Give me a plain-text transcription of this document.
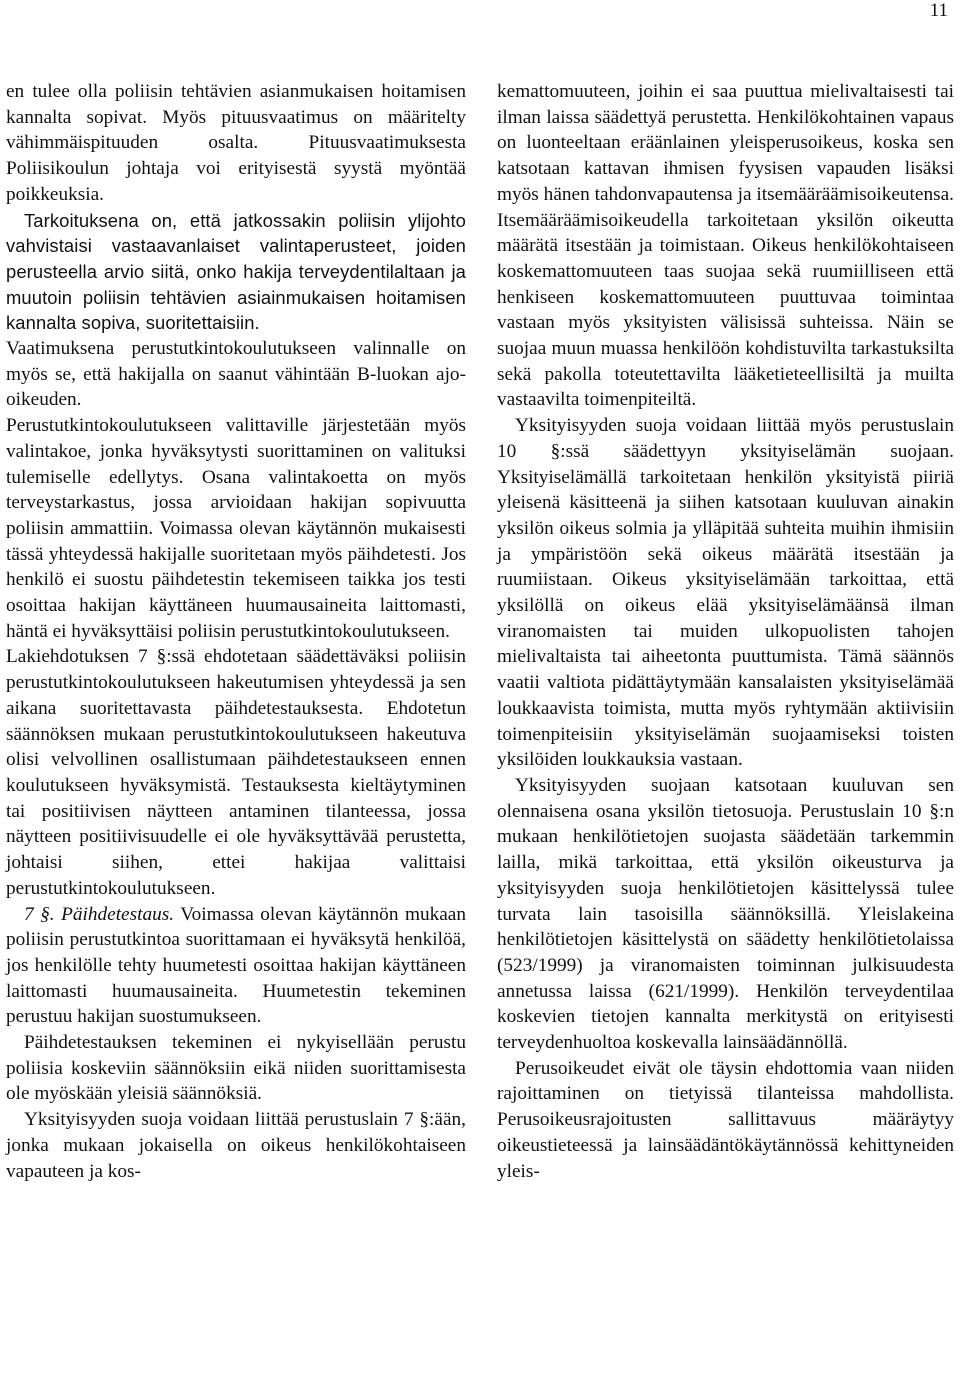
11

en tulee olla poliisin tehtävien asianmukaisen hoitamisen kannalta sopivat. Myös pituusvaatimus on määritelty vähimmäispituuden osalta. Pituusvaatimuksesta Poliisikoulun johtaja voi erityisestä syystä myöntää poikkeuksia.

Tarkoituksena on, että jatkossakin poliisin ylijohto vahvistaisi vastaavanlaiset valintaperusteet, joiden perusteella arvio siitä, onko hakija terveydentilaltaan ja muutoin poliisin tehtävien asiainmukaisen hoitamisen kannalta sopiva, suoritettaisiin.

Vaatimuksena perustutkintokoulutukseen valinnalle on myös se, että hakijalla on saanut vähintään B-luokan ajo-oikeuden.

Perustutkintokoulutukseen valittaville järjestetään myös valintakoe, jonka hyväksytysti suorittaminen on valituksi tulemiselle edellytys. Osana valintakoetta on myös terveystarkastus, jossa arvioidaan hakijan sopivuutta poliisin ammattiin. Voimassa olevan käytännön mukaisesti tässä yhteydessä hakijalle suoritetaan myös päihdetesti. Jos henkilö ei suostu päihdetestin tekemiseen taikka jos testi osoittaa hakijan käyttäneen huumausaineita laittomasti, häntä ei hyväksyttäisi poliisin perustutkintokoulutukseen.

Lakiehdotuksen 7 §:ssä ehdotetaan säädettäväksi poliisin perustutkintokoulutukseen hakeutumisen yhteydessä ja sen aikana suoritettavasta päihdetestauksesta. Ehdotetun säännöksen mukaan perustutkintokoulutukseen hakeutuva olisi velvollinen osallistumaan päihdetestaukseen ennen koulutukseen hyväksymistä. Testauksesta kieltäytyminen tai positiivisen näytteen antaminen tilanteessa, jossa näytteen positiivisuudelle ei ole hyväksyttävää perustetta, johtaisi siihen, ettei hakijaa valittaisi perustutkintokoulutukseen.

7 §. Päihdetestaus. Voimassa olevan käytännön mukaan poliisin perustutkintoa suorittamaan ei hyväksytä henkilöä, jos henkilölle tehty huumetesti osoittaa hakijan käyttäneen laittomasti huumausaineita. Huumetestin tekeminen perustuu hakijan suostumukseen.

Päihdetestauksen tekeminen ei nykyisellään perustu poliisia koskeviin säännöksiin eikä niiden suorittamisesta ole myöskään yleisiä säännöksiä.

Yksityisyyden suoja voidaan liittää perustuslain 7 §:ään, jonka mukaan jokaisella on oikeus henkilökohtaiseen vapauteen ja kos-

kemattomuuteen, joihin ei saa puuttua mielivaltaisesti tai ilman laissa säädettyä perustetta. Henkilökohtainen vapaus on luonteeltaan eräänlainen yleisperusoikeus, koska sen katsotaan kattavan ihmisen fyysisen vapauden lisäksi myös hänen tahdonvapautensa ja itsemääräämisoikeutensa. Itsemääräämisoikeudella tarkoitetaan yksilön oikeutta määrätä itsestään ja toimistaan. Oikeus henkilökohtaiseen koskemattomuuteen taas suojaa sekä ruumiilliseen että henkiseen koskemattomuuteen puuttuvaa toimintaa vastaan myös yksityisten välisissä suhteissa. Näin se suojaa muun muassa henkilöön kohdistuvilta tarkastuksilta sekä pakolla toteutettavilta lääketieteellisiltä ja muilta vastaavilta toimenpiteiltä.

Yksityisyyden suoja voidaan liittää myös perustuslain 10 §:ssä säädettyyn yksityiselämän suojaan. Yksityiselämällä tarkoitetaan henkilön yksityistä piiriä yleisenä käsitteenä ja siihen katsotaan kuuluvan ainakin yksilön oikeus solmia ja ylläpitää suhteita muihin ihmisiin ja ympäristöön sekä oikeus määrätä itsestään ja ruumiistaan. Oikeus yksityiselämään tarkoittaa, että yksilöllä on oikeus elää yksityiselämäänsä ilman viranomaisten tai muiden ulkopuolisten tahojen mielivaltaista tai aiheetonta puuttumista. Tämä säännös vaatii valtiota pidättäytymään kansalaisten yksityiselämää loukkaavista toimista, mutta myös ryhtymään aktiivisiin toimenpiteisiin yksityiselämän suojaamiseksi toisten yksilöiden loukkauksia vastaan.

Yksityisyyden suojaan katsotaan kuuluvan sen olennaisena osana yksilön tietosuoja. Perustuslain 10 §:n mukaan henkilötietojen suojasta säädetään tarkemmin lailla, mikä tarkoittaa, että yksilön oikeusturva ja yksityisyyden suoja henkilötietojen käsittelyssä tulee turvata lain tasoisilla säännöksillä. Yleislakeina henkilötietojen käsittelystä on säädetty henkilötietolaissa (523/1999) ja viranomaisten toiminnan julkisuudesta annetussa laissa (621/1999). Henkilön terveydentilaa koskevien tietojen kannalta merkitystä on erityisesti terveydenhuoltoa koskevalla lainsäädännöllä.

Perusoikeudet eivät ole täysin ehdottomia vaan niiden rajoittaminen on tietyissä tilanteissa mahdollista. Perusoikeusrajoitusten sallittavuus määräytyy oikeustieteessä ja lainsäädäntökäytännössä kehittyneiden yleis-
